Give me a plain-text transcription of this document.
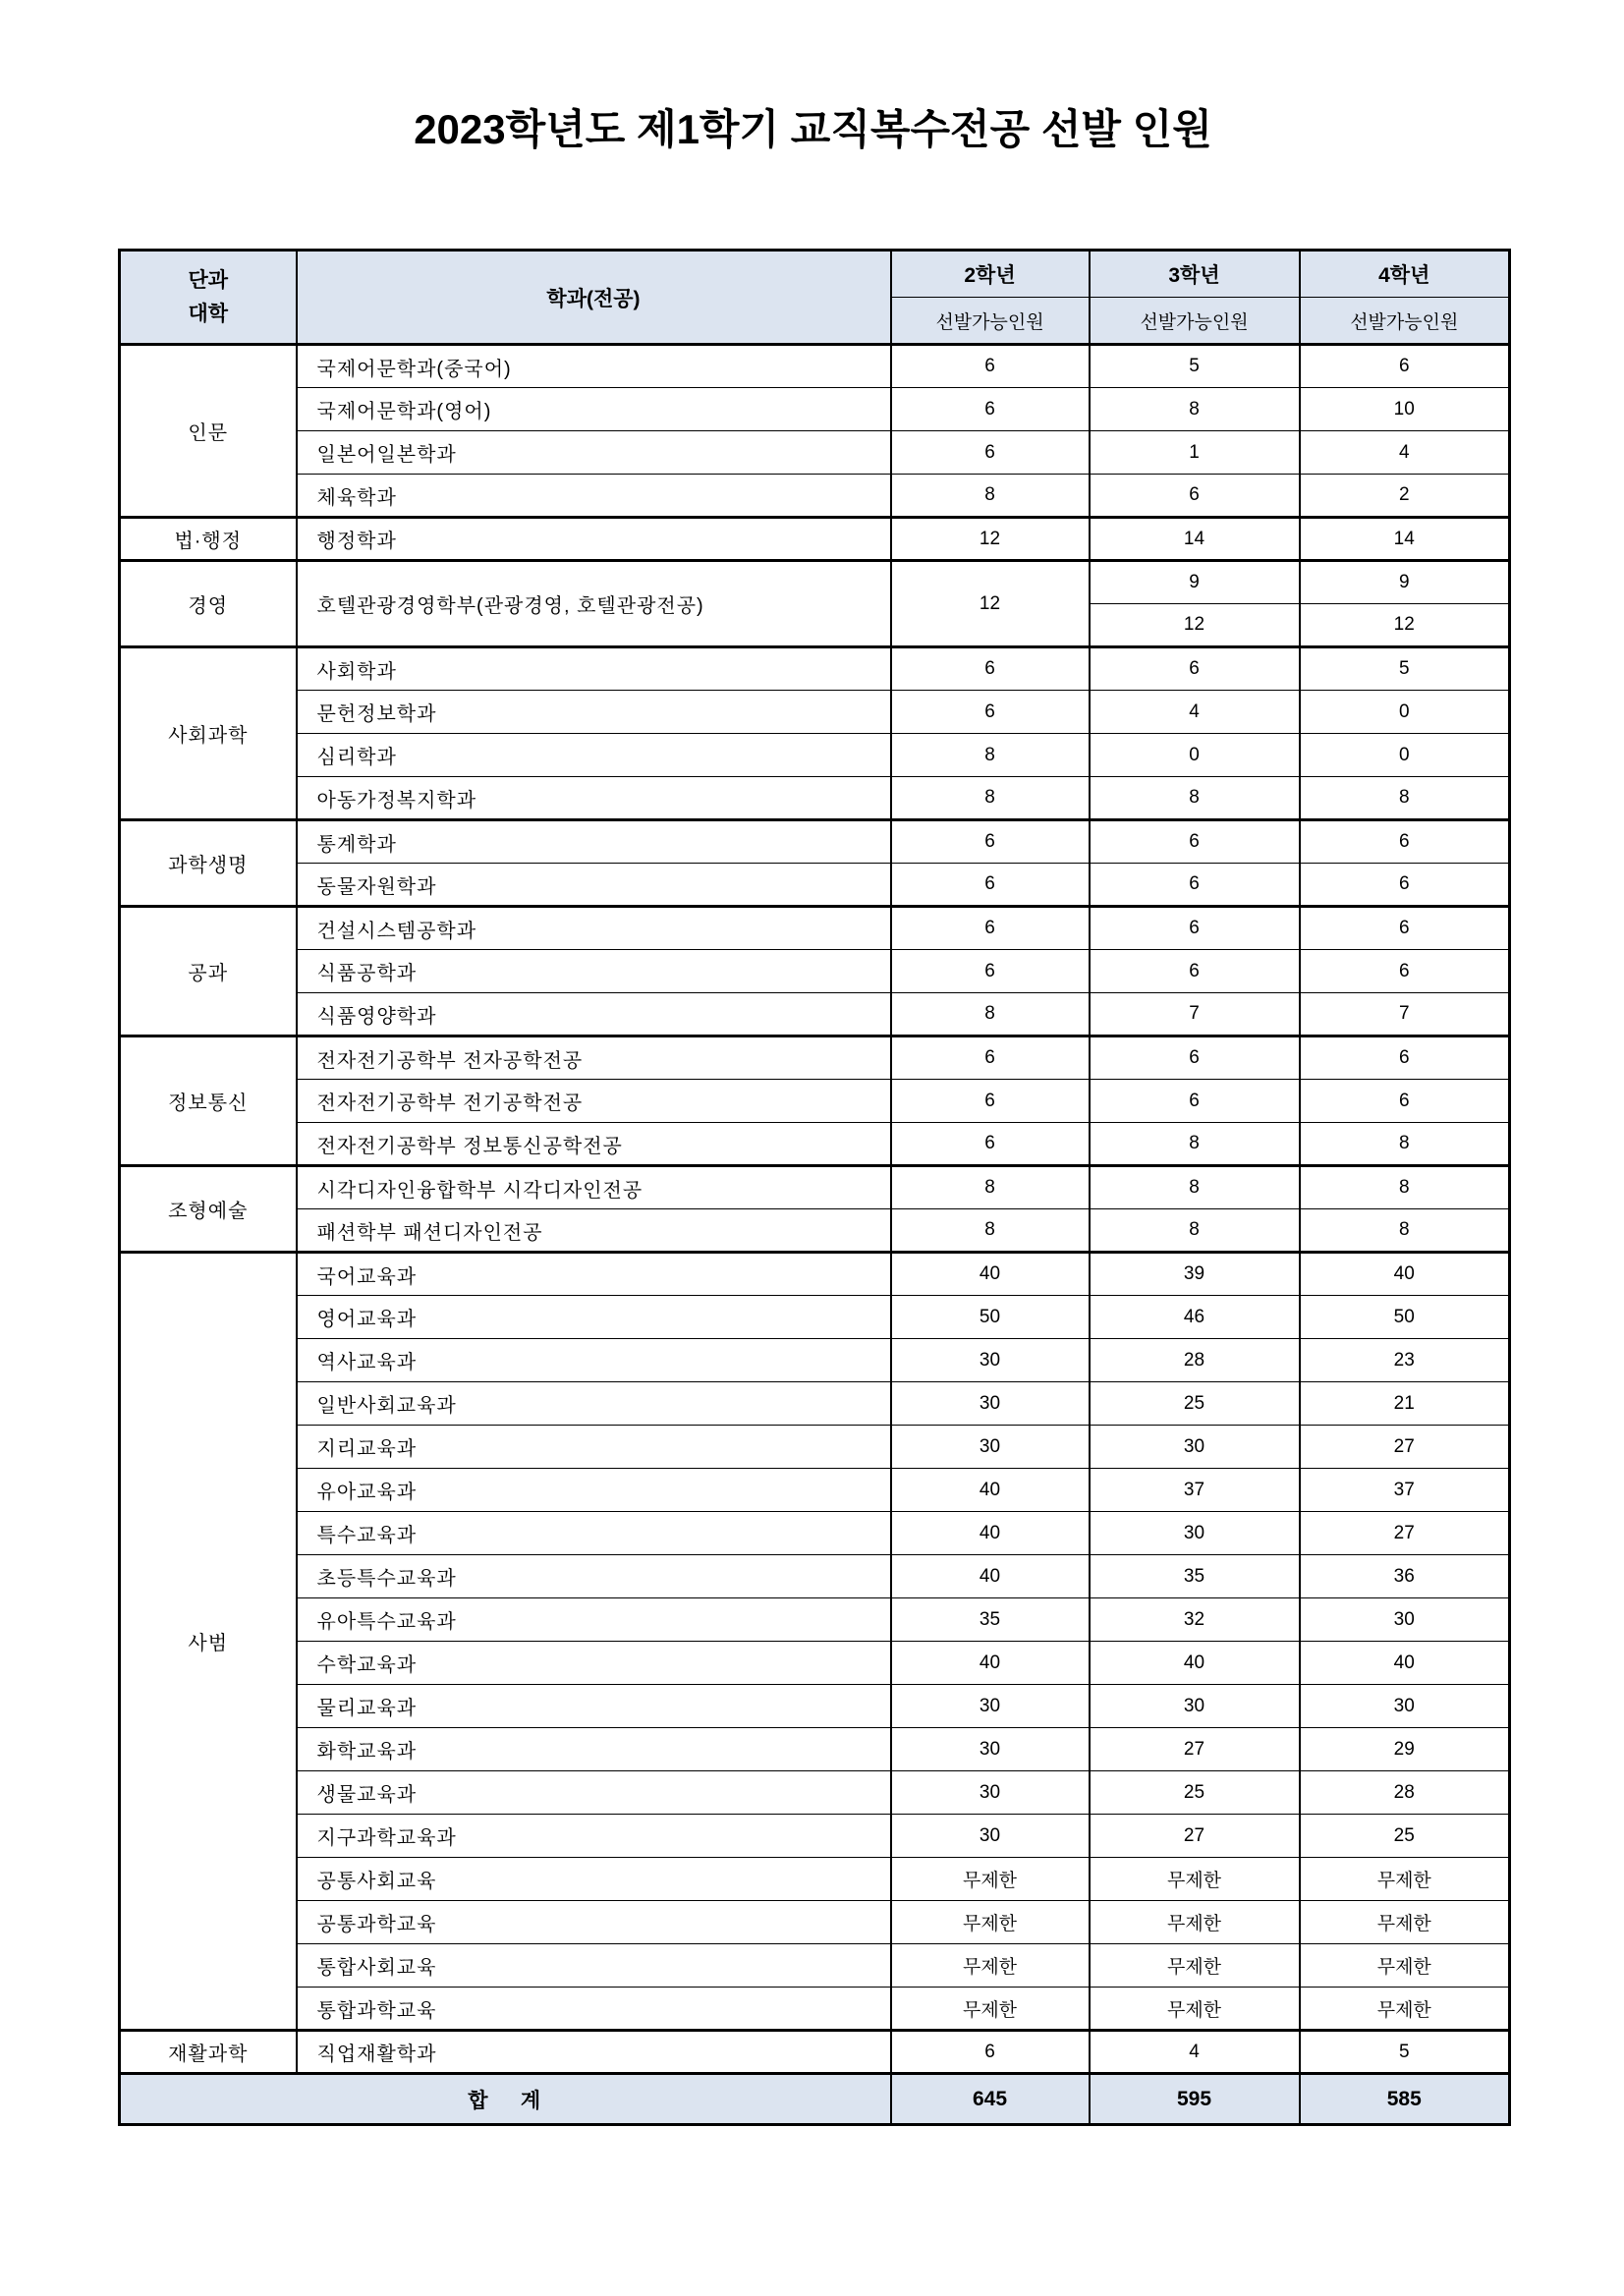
2023학년도 제1학기 교직복수전공 선발 인원
단과
대학	학과(전공)	2학년	3학년	4학년
		선발가능인원	선발가능인원	선발가능인원
인문	국제어문학과(중국어)	6	5	6
	국제어문학과(영어)	6	8	10
	일본어일본학과	6	1	4
	체육학과	8	6	2
법·행정	행정학과	12	14	14
경영	호텔관광경영학부(관광경영, 호텔관광전공)	12	9	9
			12	12
사회과학	사회학과	6	6	5
	문헌정보학과	6	4	0
	심리학과	8	0	0
	아동가정복지학과	8	8	8
과학생명	통계학과	6	6	6
	동물자원학과	6	6	6
공과	건설시스템공학과	6	6	6
	식품공학과	6	6	6
	식품영양학과	8	7	7
정보통신	전자전기공학부 전자공학전공	6	6	6
	전자전기공학부 전기공학전공	6	6	6
	전자전기공학부 정보통신공학전공	6	8	8
조형예술	시각디자인융합학부 시각디자인전공	8	8	8
	패션학부 패션디자인전공	8	8	8
사범	국어교육과	40	39	40
	영어교육과	50	46	50
	역사교육과	30	28	23
	일반사회교육과	30	25	21
	지리교육과	30	30	27
	유아교육과	40	37	37
	특수교육과	40	30	27
	초등특수교육과	40	35	36
	유아특수교육과	35	32	30
	수학교육과	40	40	40
	물리교육과	30	30	30
	화학교육과	30	27	29
	생물교육과	30	25	28
	지구과학교육과	30	27	25
	공통사회교육	무제한	무제한	무제한
	공통과학교육	무제한	무제한	무제한
	통합사회교육	무제한	무제한	무제한
	통합과학교육	무제한	무제한	무제한
재활과학	직업재활학과	6	4	5
합    계		645	595	585
